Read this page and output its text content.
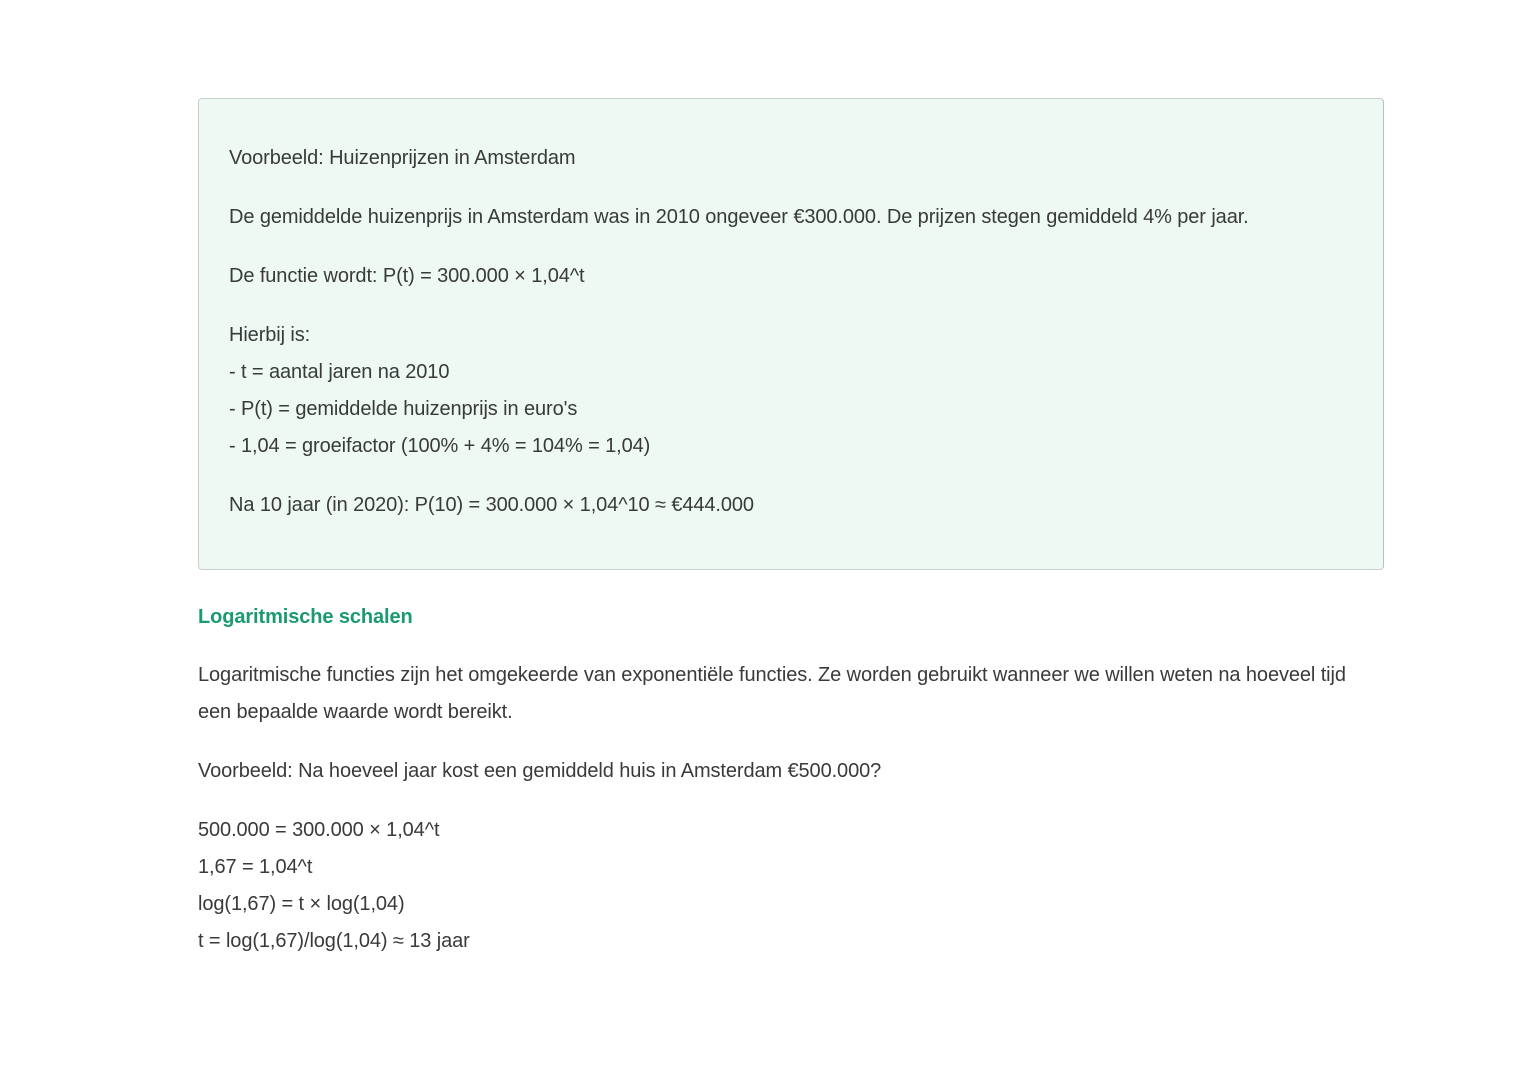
Voorbeeld: Huizenprijzen in Amsterdam

De gemiddelde huizenprijs in Amsterdam was in 2010 ongeveer €300.000. De prijzen stegen gemiddeld 4% per jaar.

De functie wordt: P(t) = 300.000 × 1,04^t

Hierbij is:
- t = aantal jaren na 2010
- P(t) = gemiddelde huizenprijs in euro's
- 1,04 = groeifactor (100% + 4% = 104% = 1,04)

Na 10 jaar (in 2020): P(10) = 300.000 × 1,04^10 ≈ €444.000

Logaritmische schalen

Logaritmische functies zijn het omgekeerde van exponentiële functies. Ze worden gebruikt wanneer we willen weten na hoeveel tijd een bepaalde waarde wordt bereikt.

Voorbeeld: Na hoeveel jaar kost een gemiddeld huis in Amsterdam €500.000?

500.000 = 300.000 × 1,04^t
1,67 = 1,04^t
log(1,67) = t × log(1,04)
t = log(1,67)/log(1,04) ≈ 13 jaar
